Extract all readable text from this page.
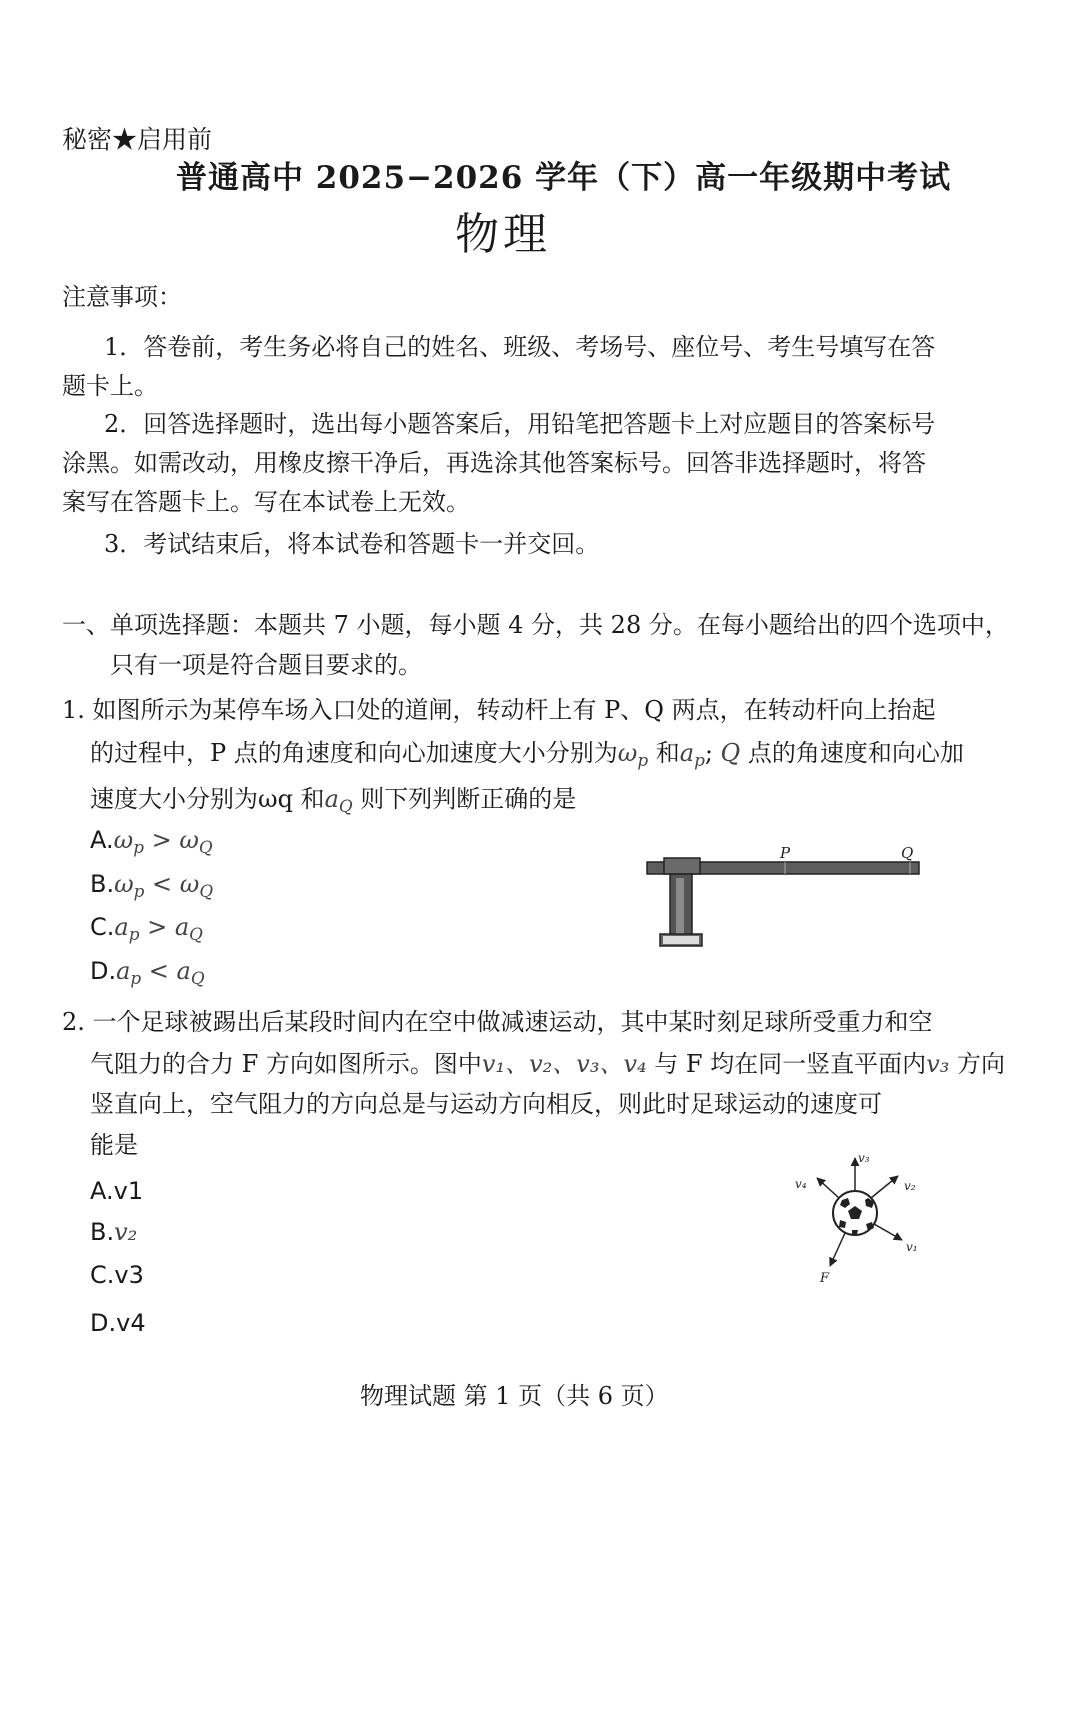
秘密★启用前
普通高中 2025−2026 学年（下）高一年级期中考试
物理
注意事项：
1．答卷前，考生务必将自己的姓名、班级、考场号、座位号、考生号填写在答
题卡上。
2．回答选择题时，选出每小题答案后，用铅笔把答题卡上对应题目的答案标号
涂黑。如需改动，用橡皮擦干净后，再选涂其他答案标号。回答非选择题时，将答
案写在答题卡上。写在本试卷上无效。
3．考试结束后，将本试卷和答题卡一并交回。
一、单项选择题：本题共 7 小题，每小题 4 分，共 28 分。在每小题给出的四个选项中，
只有一项是符合题目要求的。
1. 如图所示为某停车场入口处的道闸，转动杆上有 P、Q 两点，在转动杆向上抬起
的过程中，P 点的角速度和向心加速度大小分别为$\omega_p$ 和$a_p$; Q 点的角速度和向心加
速度大小分别为ωq 和$a_Q$ 则下列判断正确的是
$A.\omega_p > \omega_Q$
$B.\omega_p < \omega_Q$
$C.a_p > a_Q$
$D.a_p < a_Q$
P	Q
2. 一个足球被踢出后某段时间内在空中做减速运动，其中某时刻足球所受重力和空
气阻力的合力 F 方向如图所示。图中v₁、v₂、v₃、v₄ 与 F 均在同一竖直平面内v₃ 方向
竖直向上，空气阻力的方向总是与运动方向相反，则此时足球运动的速度可
能是
A.v1
B.v₂
C.v3
D.v4
v₃
v₂
v₁
v₄
F
物理试题 第 1 页（共 6 页）
